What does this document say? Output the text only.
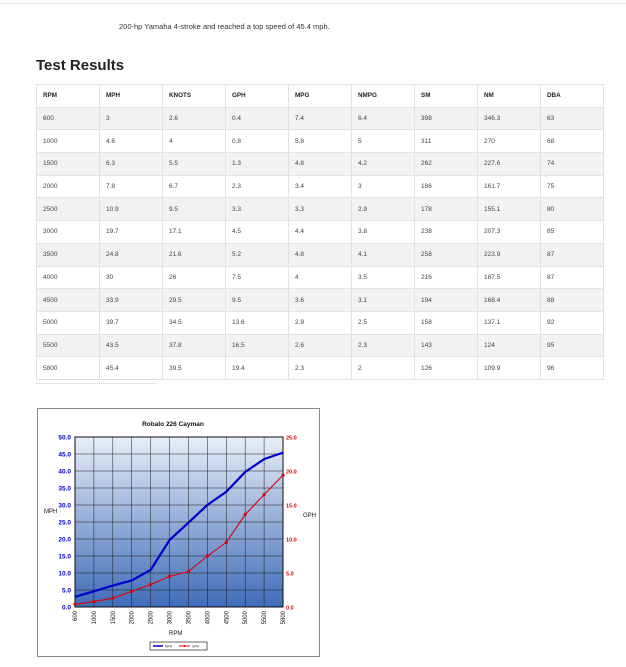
200-hp Yamaha 4-stroke and reached a top speed of 45.4 mph.
Test Results
RPM	MPH	KNOTS	GPH	MPG	NMPG	SM	NM	DBA
600	3	2.6	0.4	7.4	6.4	398	346.3	63
1000	4.6	4	0.8	5.8	5	311	270	68
1500	6.3	5.5	1.3	4.8	4.2	262	227.6	74
2000	7.8	6.7	2.3	3.4	3	186	161.7	75
2500	10.9	9.5	3.3	3.3	2.9	178	155.1	80
3000	19.7	17.1	4.5	4.4	3.8	238	207.3	85
3500	24.8	21.6	5.2	4.8	4.1	258	223.9	87
4000	30	26	7.5	4	3.5	216	187.5	87
4500	33.9	29.5	9.5	3.6	3.1	194	168.4	88
5000	39.7	34.5	13.6	2.9	2.5	158	137.1	92
5500	43.5	37.8	16.5	2.6	2.3	143	124	95
5800	45.4	39.5	19.4	2.3	2	126	109.9	96
Robalo 226 Cayman
0.0
5.0
10.0
15.0
20.0
25.0
30.0
35.0
40.0
45.0
50.0
0.0
5.0
10.0
15.0
20.0
25.0
600 1000 1500 2000 2500 3000 3500 4000 4500 5000 5500 5800
MPH
GPH
RPM
MPH	GPH
